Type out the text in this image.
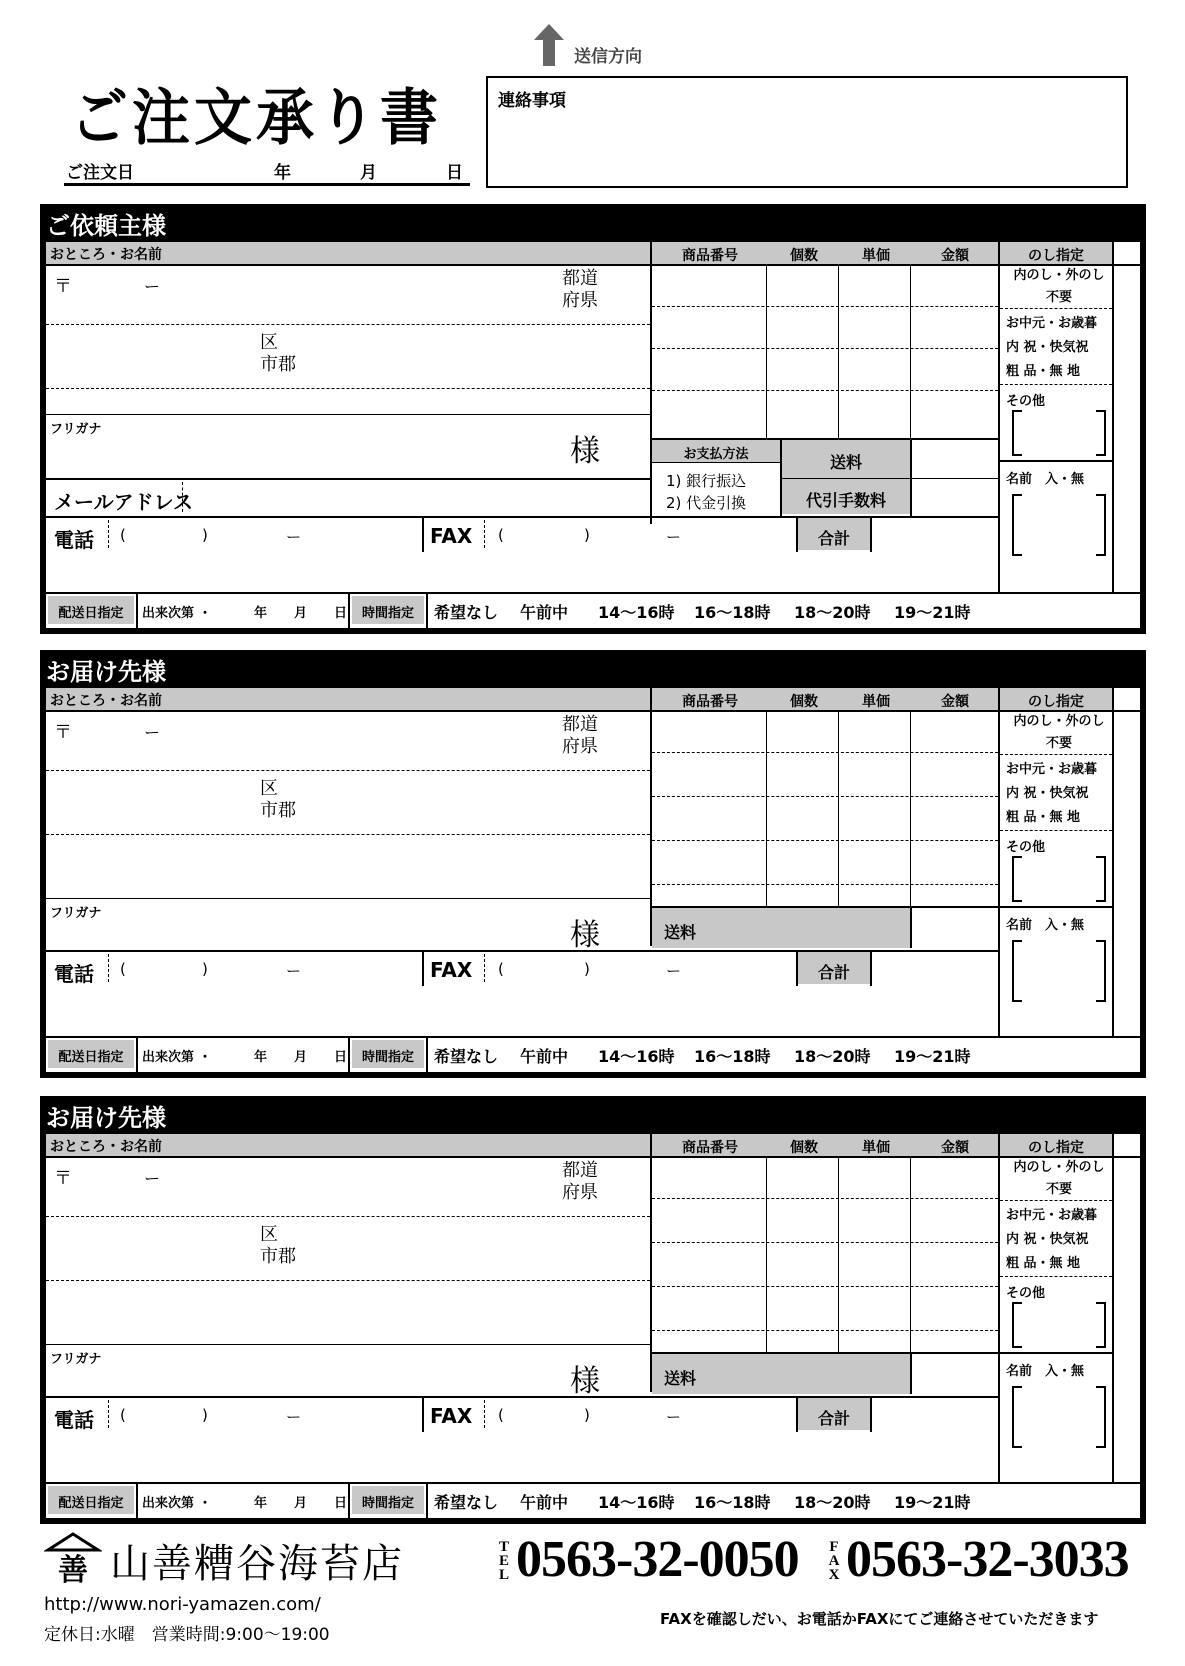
ご注文承り書
ご注文日	年	月	日
送信方向
連絡事項
ご依頼主様
おところ・お名前	商品番号	個数	単価	金額	のし指定
〒	ー	都道
府県
区
市郡
フリガナ
様
メールアドレス
電話 (	)	ー	FAX (	)	ー	合計
お支払方法
1) 銀行振込
2) 代金引換
送料
代引手数料
内のし・外のし
不要
お中元・お歳暮
内 祝・快気祝
粗 品・無 地
その他
名前　入・無
配送日指定	出来次第 ・	年 月 日	時間指定	希望なし 午前中 14〜16時 16〜18時 18〜20時 19〜21時
お届け先様
おところ・お名前	商品番号	個数	単価	金額	のし指定
〒	ー	都道
府県
区
市郡
フリガナ
様
電話 (	)	ー	FAX (	)	ー	合計
送料
内のし・外のし
不要
お中元・お歳暮
内 祝・快気祝
粗 品・無 地
その他
名前　入・無
配送日指定	出来次第 ・	年 月 日	時間指定	希望なし 午前中 14〜16時 16〜18時 18〜20時 19〜21時
お届け先様
おところ・お名前	商品番号	個数	単価	金額	のし指定
〒	ー	都道
府県
区
市郡
フリガナ
様
電話 (	)	ー	FAX (	)	ー	合計
送料
内のし・外のし
不要
お中元・お歳暮
内 祝・快気祝
粗 品・無 地
その他
名前　入・無
配送日指定	出来次第 ・	年 月 日	時間指定	希望なし 午前中 14〜16時 16〜18時 18〜20時 19〜21時
善 山善糟谷海苔店
http://www.nori-yamazen.com/
定休日:水曜　営業時間:9:00〜19:00
T
E
L 0563-32-0050 F
A
X 0563-32-3033
FAXを確認しだい、お電話かFAXにてご連絡させていただきます
